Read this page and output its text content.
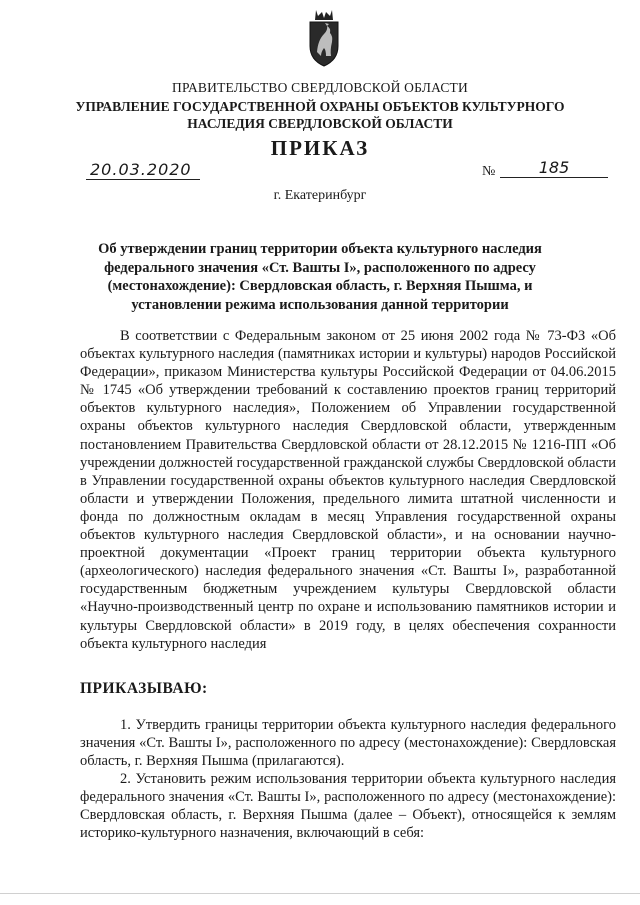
ПРАВИТЕЛЬСТВО СВЕРДЛОВСКОЙ ОБЛАСТИ
УПРАВЛЕНИЕ ГОСУДАРСТВЕННОЙ ОХРАНЫ ОБЪЕКТОВ КУЛЬТУРНОГО НАСЛЕДИЯ СВЕРДЛОВСКОЙ ОБЛАСТИ
ПРИКАЗ
20.03.2020	№	185
г. Екатеринбург
Об утверждении границ территории объекта культурного наследия федерального значения «Ст. Вашты I», расположенного по адресу (местонахождение): Свердловская область, г. Верхняя Пышма, и установлении режима использования данной территории

В соответствии с Федеральным законом от 25 июня 2002 года № 73-ФЗ «Об объектах культурного наследия (памятниках истории и культуры) народов Российской Федерации», приказом Министерства культуры Российской Федерации от 04.06.2015 № 1745 «Об утверждении требований к составлению проектов границ территорий объектов культурного наследия», Положением об Управлении государственной охраны объектов культурного наследия Свердловской области, утвержденным постановлением Правительства Свердловской области от 28.12.2015 № 1216-ПП «Об учреждении должностей государственной гражданской службы Свердловской области в Управлении государственной охраны объектов культурного наследия Свердловской области и утверждении Положения, предельного лимита штатной численности и фонда по должностным окладам в месяц Управления государственной охраны объектов культурного наследия Свердловской области», и на основании научно-проектной документации «Проект границ территории объекта культурного (археологического) наследия федерального значения «Ст. Вашты I», разработанной государственным бюджетным учреждением культуры Свердловской области «Научно-производственный центр по охране и использованию памятников истории и культуры Свердловской области» в 2019 году, в целях обеспечения сохранности объекта культурного наследия

ПРИКАЗЫВАЮ:

1. Утвердить границы территории объекта культурного наследия федерального значения «Ст. Вашты I», расположенного по адресу (местонахождение): Свердловская область, г. Верхняя Пышма (прилагаются).

2. Установить режим использования территории объекта культурного наследия федерального значения «Ст. Вашты I», расположенного по адресу (местонахождение): Свердловская область, г. Верхняя Пышма (далее – Объект), относящейся к землям историко-культурного назначения, включающий в себя:
